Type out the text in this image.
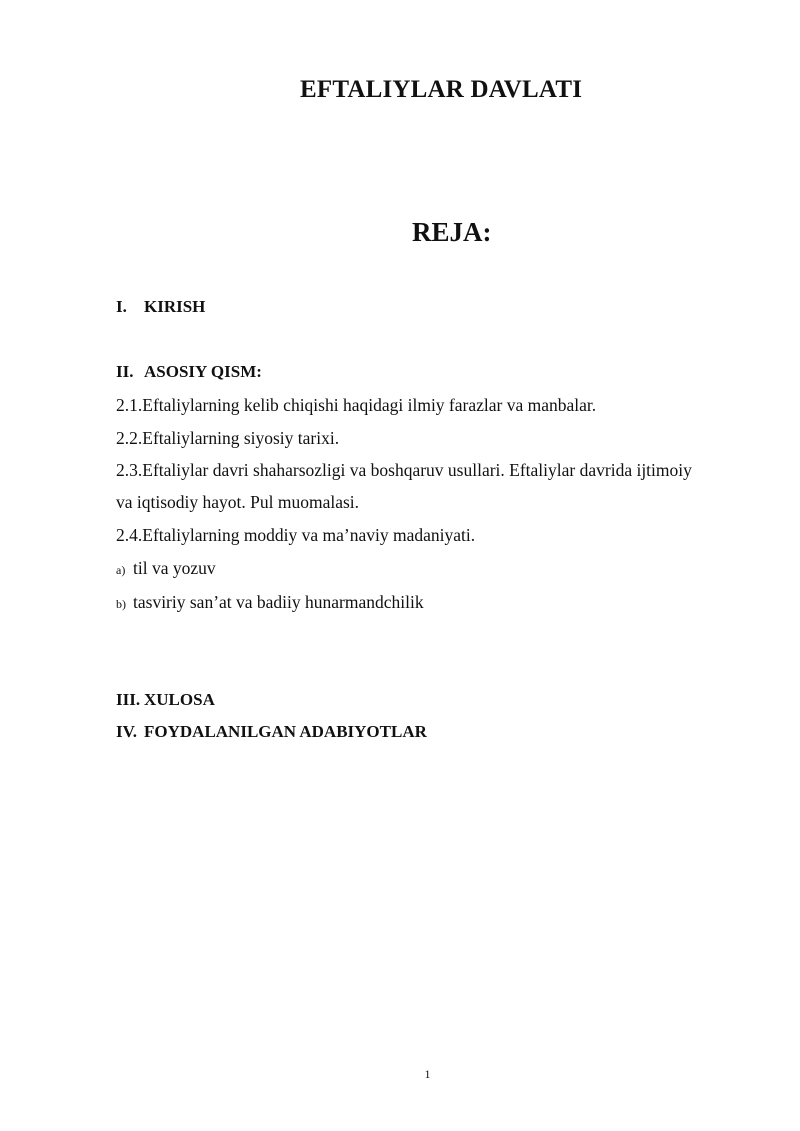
EFTALIYLAR DAVLATI
REJA:
I. KIRISH
II. ASOSIY QISM:
2.1.Eftaliylarning kelib chiqishi haqidagi ilmiy farazlar va manbalar.
2.2.Eftaliylarning siyosiy tarixi.
2.3.Eftaliylar davri shaharsozligi va boshqaruv usullari. Eftaliylar davrida ijtimoiy
va iqtisodiy hayot. Pul muomalasi.
2.4.Eftaliylarning moddiy va ma’naviy madaniyati.
a) til va yozuv
b) tasviriy san’at va badiiy hunarmandchilik
III. XULOSA
IV. FOYDALANILGAN ADABIYOTLAR
1
